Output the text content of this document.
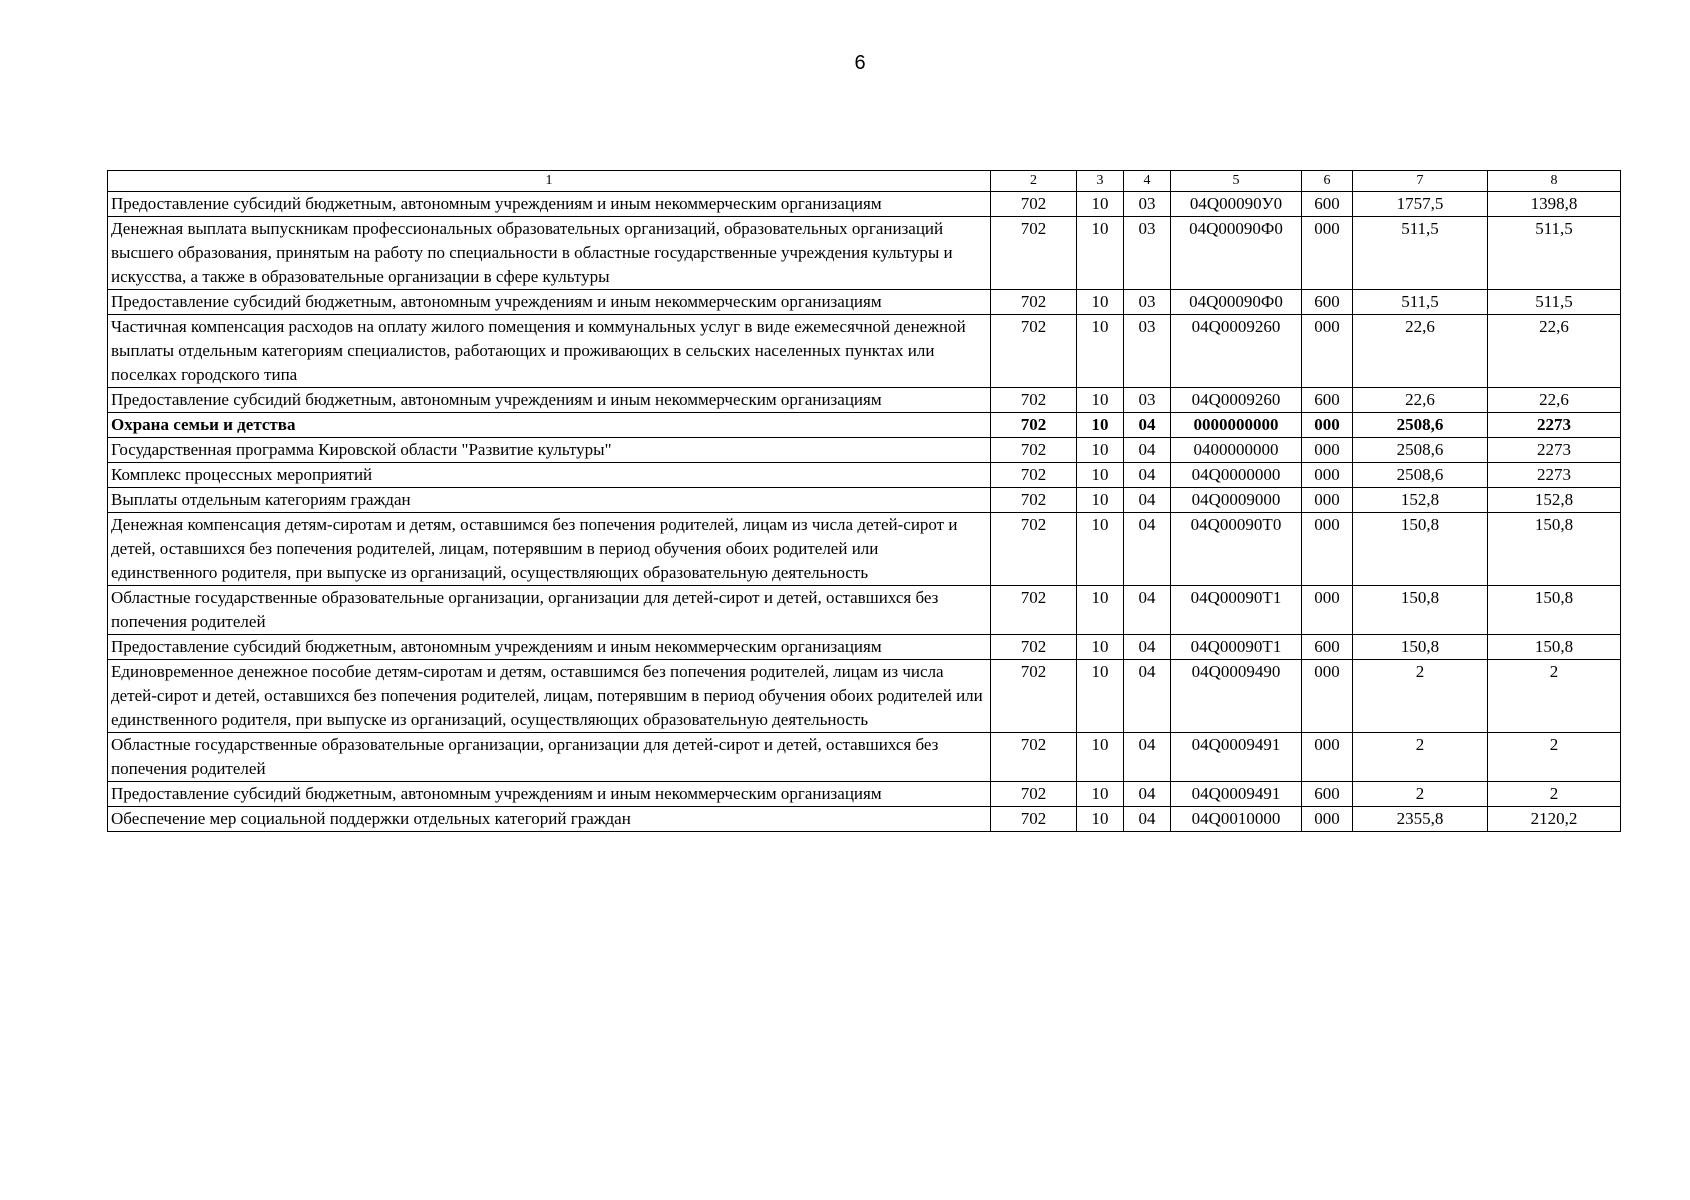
6
1	2	3	4	5	6	7	8
Предоставление субсидий бюджетным, автономным учреждениям и иным некоммерческим организациям	702	10	03	04Q00090У0	600	1757,5	1398,8
Денежная выплата выпускникам профессиональных образовательных организаций, образовательных организаций высшего образования, принятым на работу по специальности в областные государственные учреждения культуры и искусства, а также в образовательные организации в сфере культуры	702	10	03	04Q00090Ф0	000	511,5	511,5
Предоставление субсидий бюджетным, автономным учреждениям и иным некоммерческим организациям	702	10	03	04Q00090Ф0	600	511,5	511,5
Частичная компенсация расходов на оплату жилого помещения и коммунальных услуг в виде ежемесячной денежной выплаты отдельным категориям специалистов, работающих и проживающих в сельских населенных пунктах или поселках городского типа	702	10	03	04Q0009260	000	22,6	22,6
Предоставление субсидий бюджетным, автономным учреждениям и иным некоммерческим организациям	702	10	03	04Q0009260	600	22,6	22,6
Охрана семьи и детства	702	10	04	0000000000	000	2508,6	2273
Государственная программа Кировской области "Развитие культуры"	702	10	04	0400000000	000	2508,6	2273
Комплекс процессных мероприятий	702	10	04	04Q0000000	000	2508,6	2273
Выплаты отдельным категориям граждан	702	10	04	04Q0009000	000	152,8	152,8
Денежная компенсация детям-сиротам и детям, оставшимся без попечения родителей, лицам из числа детей-сирот и детей, оставшихся без попечения родителей, лицам, потерявшим в период обучения обоих родителей или единственного родителя, при выпуске из организаций, осуществляющих образовательную деятельность	702	10	04	04Q00090Т0	000	150,8	150,8
Областные государственные образовательные организации, организации для детей-сирот и детей, оставшихся без попечения родителей	702	10	04	04Q00090Т1	000	150,8	150,8
Предоставление субсидий бюджетным, автономным учреждениям и иным некоммерческим организациям	702	10	04	04Q00090Т1	600	150,8	150,8
Единовременное денежное пособие детям-сиротам и детям, оставшимся без попечения родителей, лицам из числа детей-сирот и детей, оставшихся без попечения родителей, лицам, потерявшим в период обучения обоих родителей или единственного родителя, при выпуске из организаций, осуществляющих образовательную деятельность	702	10	04	04Q0009490	000	2	2
Областные государственные образовательные организации, организации для детей-сирот и детей, оставшихся без попечения родителей	702	10	04	04Q0009491	000	2	2
Предоставление субсидий бюджетным, автономным учреждениям и иным некоммерческим организациям	702	10	04	04Q0009491	600	2	2
Обеспечение мер социальной поддержки отдельных категорий граждан	702	10	04	04Q0010000	000	2355,8	2120,2
